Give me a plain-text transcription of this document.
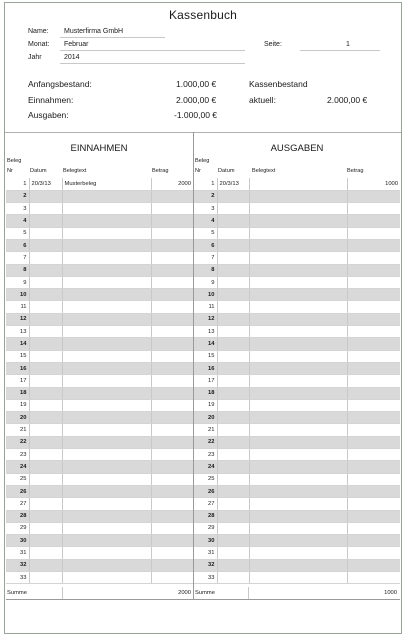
Kassenbuch
Name: Musterfirma GmbH
Monat: Februar
Jahr	2014
Seite:	1
Anfangsbestand:	1.000,00 €	Kassenbestand
Einnahmen:	2.000,00 €	aktuell:	2.000,00 €
Ausgaben:	-1.000,00 €
EINNAHMEN	AUSGABEN
Beleg
Nr	Datum	Belegtext	Betrag
Beleg
Nr	Datum	Belegtext	Betrag
1	20/3/13	Musterbeleg	2000
2			
3			
4			
5			
6			
7			
8			
9			
10			
11			
12			
13			
14			
15			
16			
17			
18			
19			
20			
21			
22			
23			
24			
25			
26			
27			
28			
29			
30			
31			
32			
33			
1	20/3/13		1000
2			
3			
4			
5			
6			
7			
8			
9			
10			
11			
12			
13			
14			
15			
16			
17			
18			
19			
20			
21			
22			
23			
24			
25			
26			
27			
28			
29			
30			
31			
32			
33			
Summe	2000 Summe	1000
